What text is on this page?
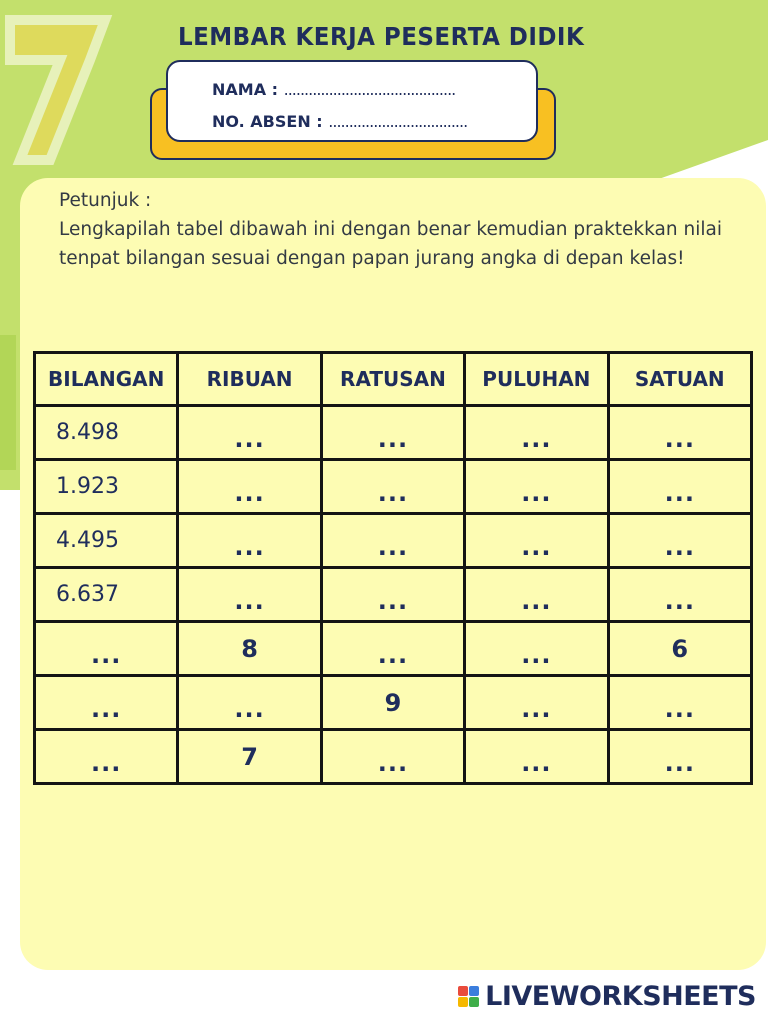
LEMBAR KERJA PESERTA DIDIK
NAMA : ..........................................
NO. ABSEN : ..................................

Petunjuk :

Lengkapilah tabel dibawah ini dengan benar kemudian praktekkan nilai tenpat bilangan sesuai dengan papan jurang angka di depan kelas!

BILANGAN	RIBUAN	RATUSAN	PULUHAN	SATUAN
8.498	...	...	...	...
1.923	...	...	...	...
4.495	...	...	...	...
6.637	...	...	...	...
...	8	...	...	6
...	...	9	...	...
...	7	...	...	...
LIVEWORKSHEETS
